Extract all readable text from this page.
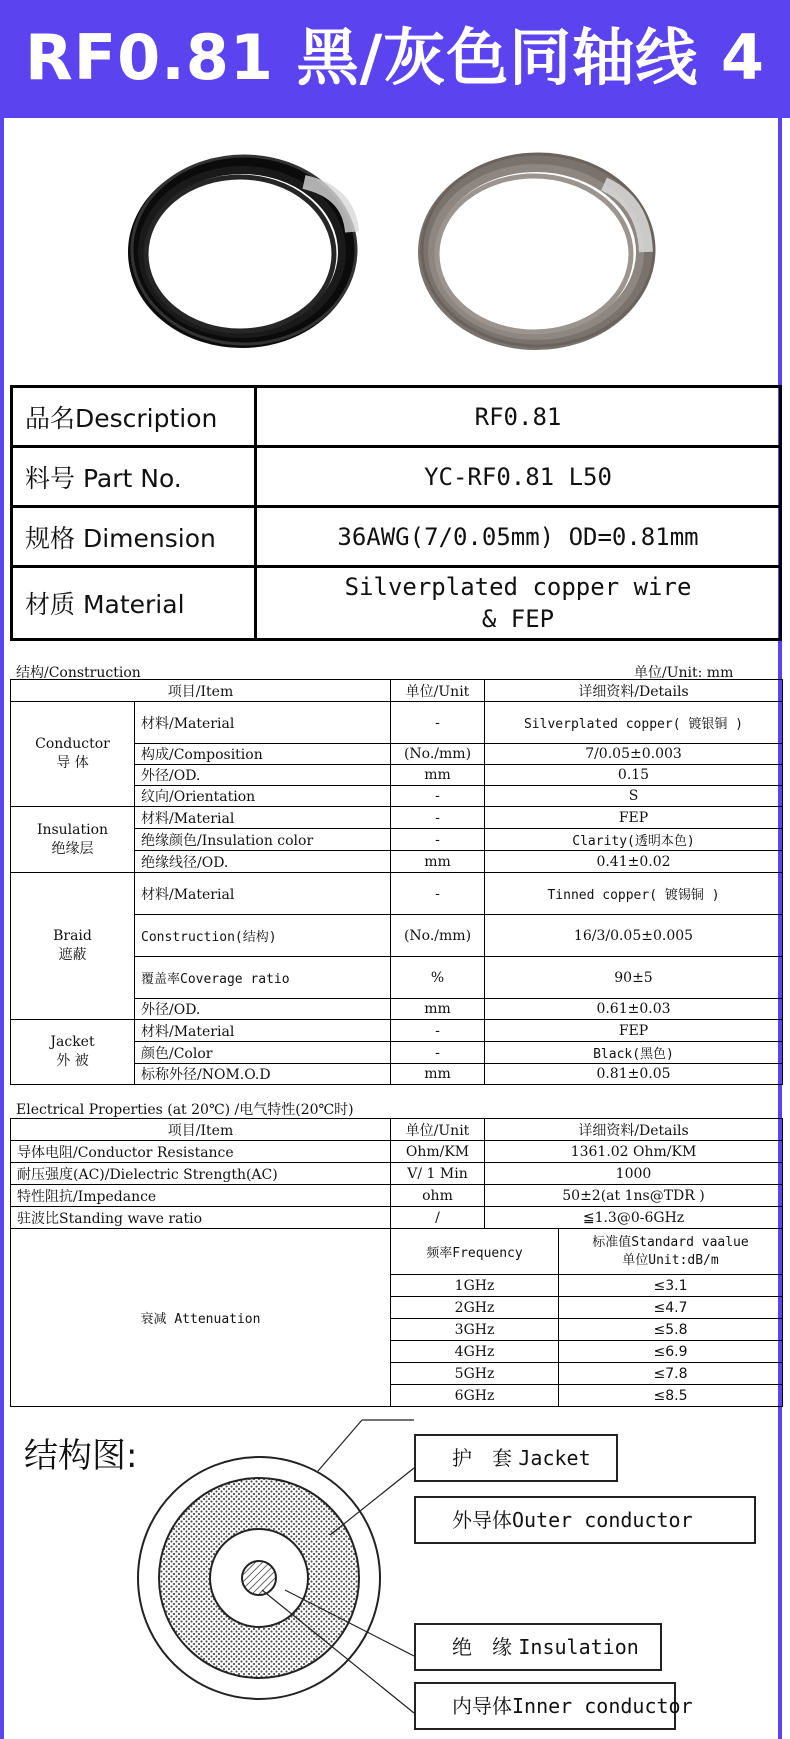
RF0.81 黑/灰色同轴线 4代
品名Description	RF0.81
料号 Part No.	YC-RF0.81 L50
规格 Dimension	36AWG(7/0.05mm) OD=0.81mm
材质 Material	Silverplated copper wire
& FEP
结构/Construction	单位/Unit: mm
项目/Item		单位/Unit	详细资料/Details

Conductor
导 体	材料/Material	-	Silverplated copper( 镀银铜 )
	构成/Composition	(No./mm)	7/0.05±0.003
	外径/OD.	mm	0.15
	纹向/Orientation	-	S

Insulation
绝缘层	材料/Material	-	FEP
	绝缘颜色/Insulation color	-	Clarity(透明本色)
	绝缘线径/OD.	mm	0.41±0.02

Braid
遮蔽	材料/Material	-	Tinned copper( 镀锡铜 )
	Construction(结构)	(No./mm)	16/3/0.05±0.005
	覆盖率Coverage ratio	%	90±5
	外径/OD.	mm	0.61±0.03

Jacket
外 被	材料/Material	-	FEP
	颜色/Color	-	Black(黑色)
	标称外径/NOM.O.D	mm	0.81±0.05
Electrical Properties (at 20℃) /电气特性(20℃时)
项目/Item	单位/Unit	详细资料/Details
导体电阻/Conductor Resistance	Ohm/KM	1361.02 Ohm/KM
耐压强度(AC)/Dielectric Strength(AC)	V/ 1 Min	1000
特性阻抗/Impedance	ohm	50±2(at 1ns@TDR )
驻波比Standing wave ratio	/	≦1.3@0-6GHz
衰减 Attenuation	频率Frequency	标准值Standard vaalue
单位Unit:dB/m

	1GHz	≤3.1
	2GHz	≤4.7
	3GHz	≤5.8
	4GHz	≤6.9
	5GHz	≤7.8
	6GHz	≤8.5
结构图:	护　套 Jacket
外导体Outer conductor
绝　缘 Insulation
内导体Inner conductor
